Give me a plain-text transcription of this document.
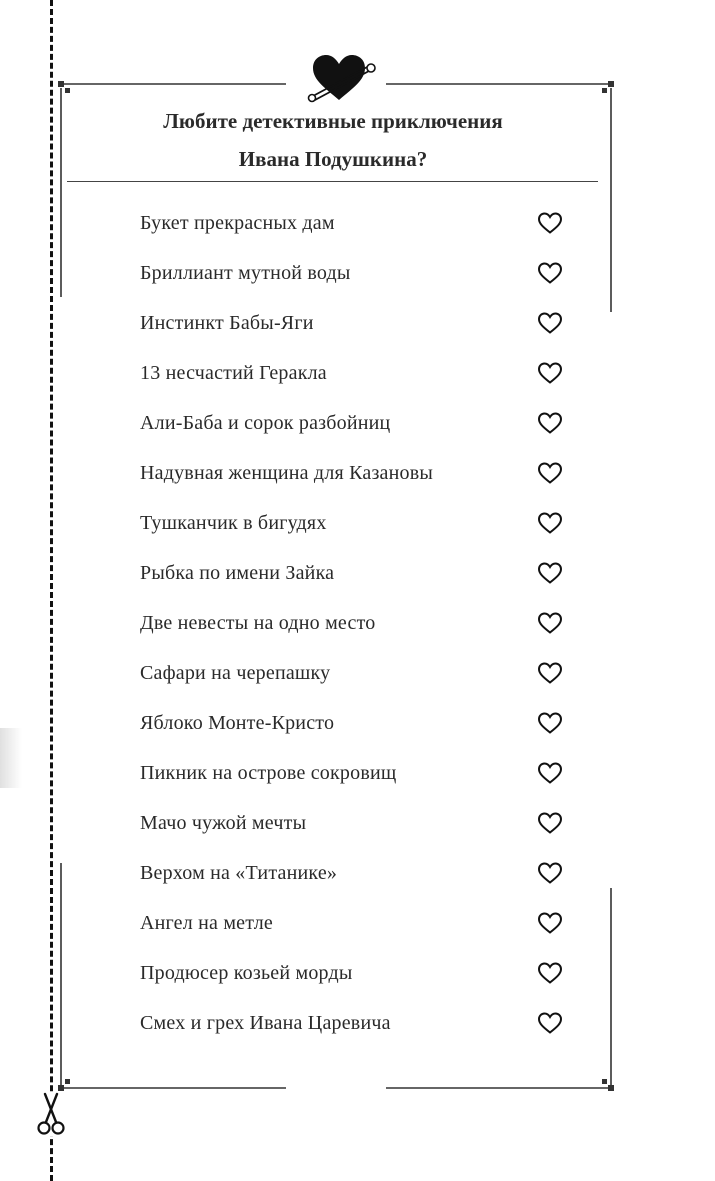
Любите детективные приключения
Ивана Подушкина?
Букет прекрасных дам
Бриллиант мутной воды
Инстинкт Бабы-Яги
13 несчастий Геракла
Али-Баба и сорок разбойниц
Надувная женщина для Казановы
Тушканчик в бигудях
Рыбка по имени Зайка
Две невесты на одно место
Сафари на черепашку
Яблоко Монте-Кристо
Пикник на острове сокровищ
Мачо чужой мечты
Верхом на «Титанике»
Ангел на метле
Продюсер козьей морды
Смех и грех Ивана Царевича
